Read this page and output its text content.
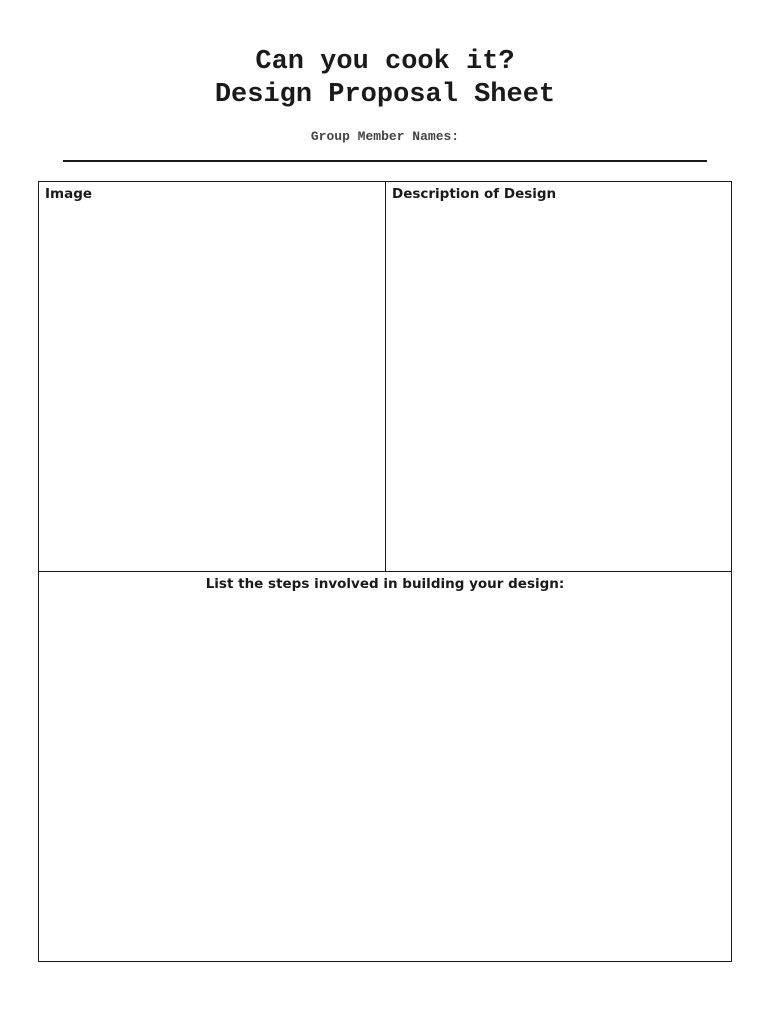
Can you cook it?
Design Proposal Sheet
Group Member Names:
Image	Description of Design
List the steps involved in building your design:
